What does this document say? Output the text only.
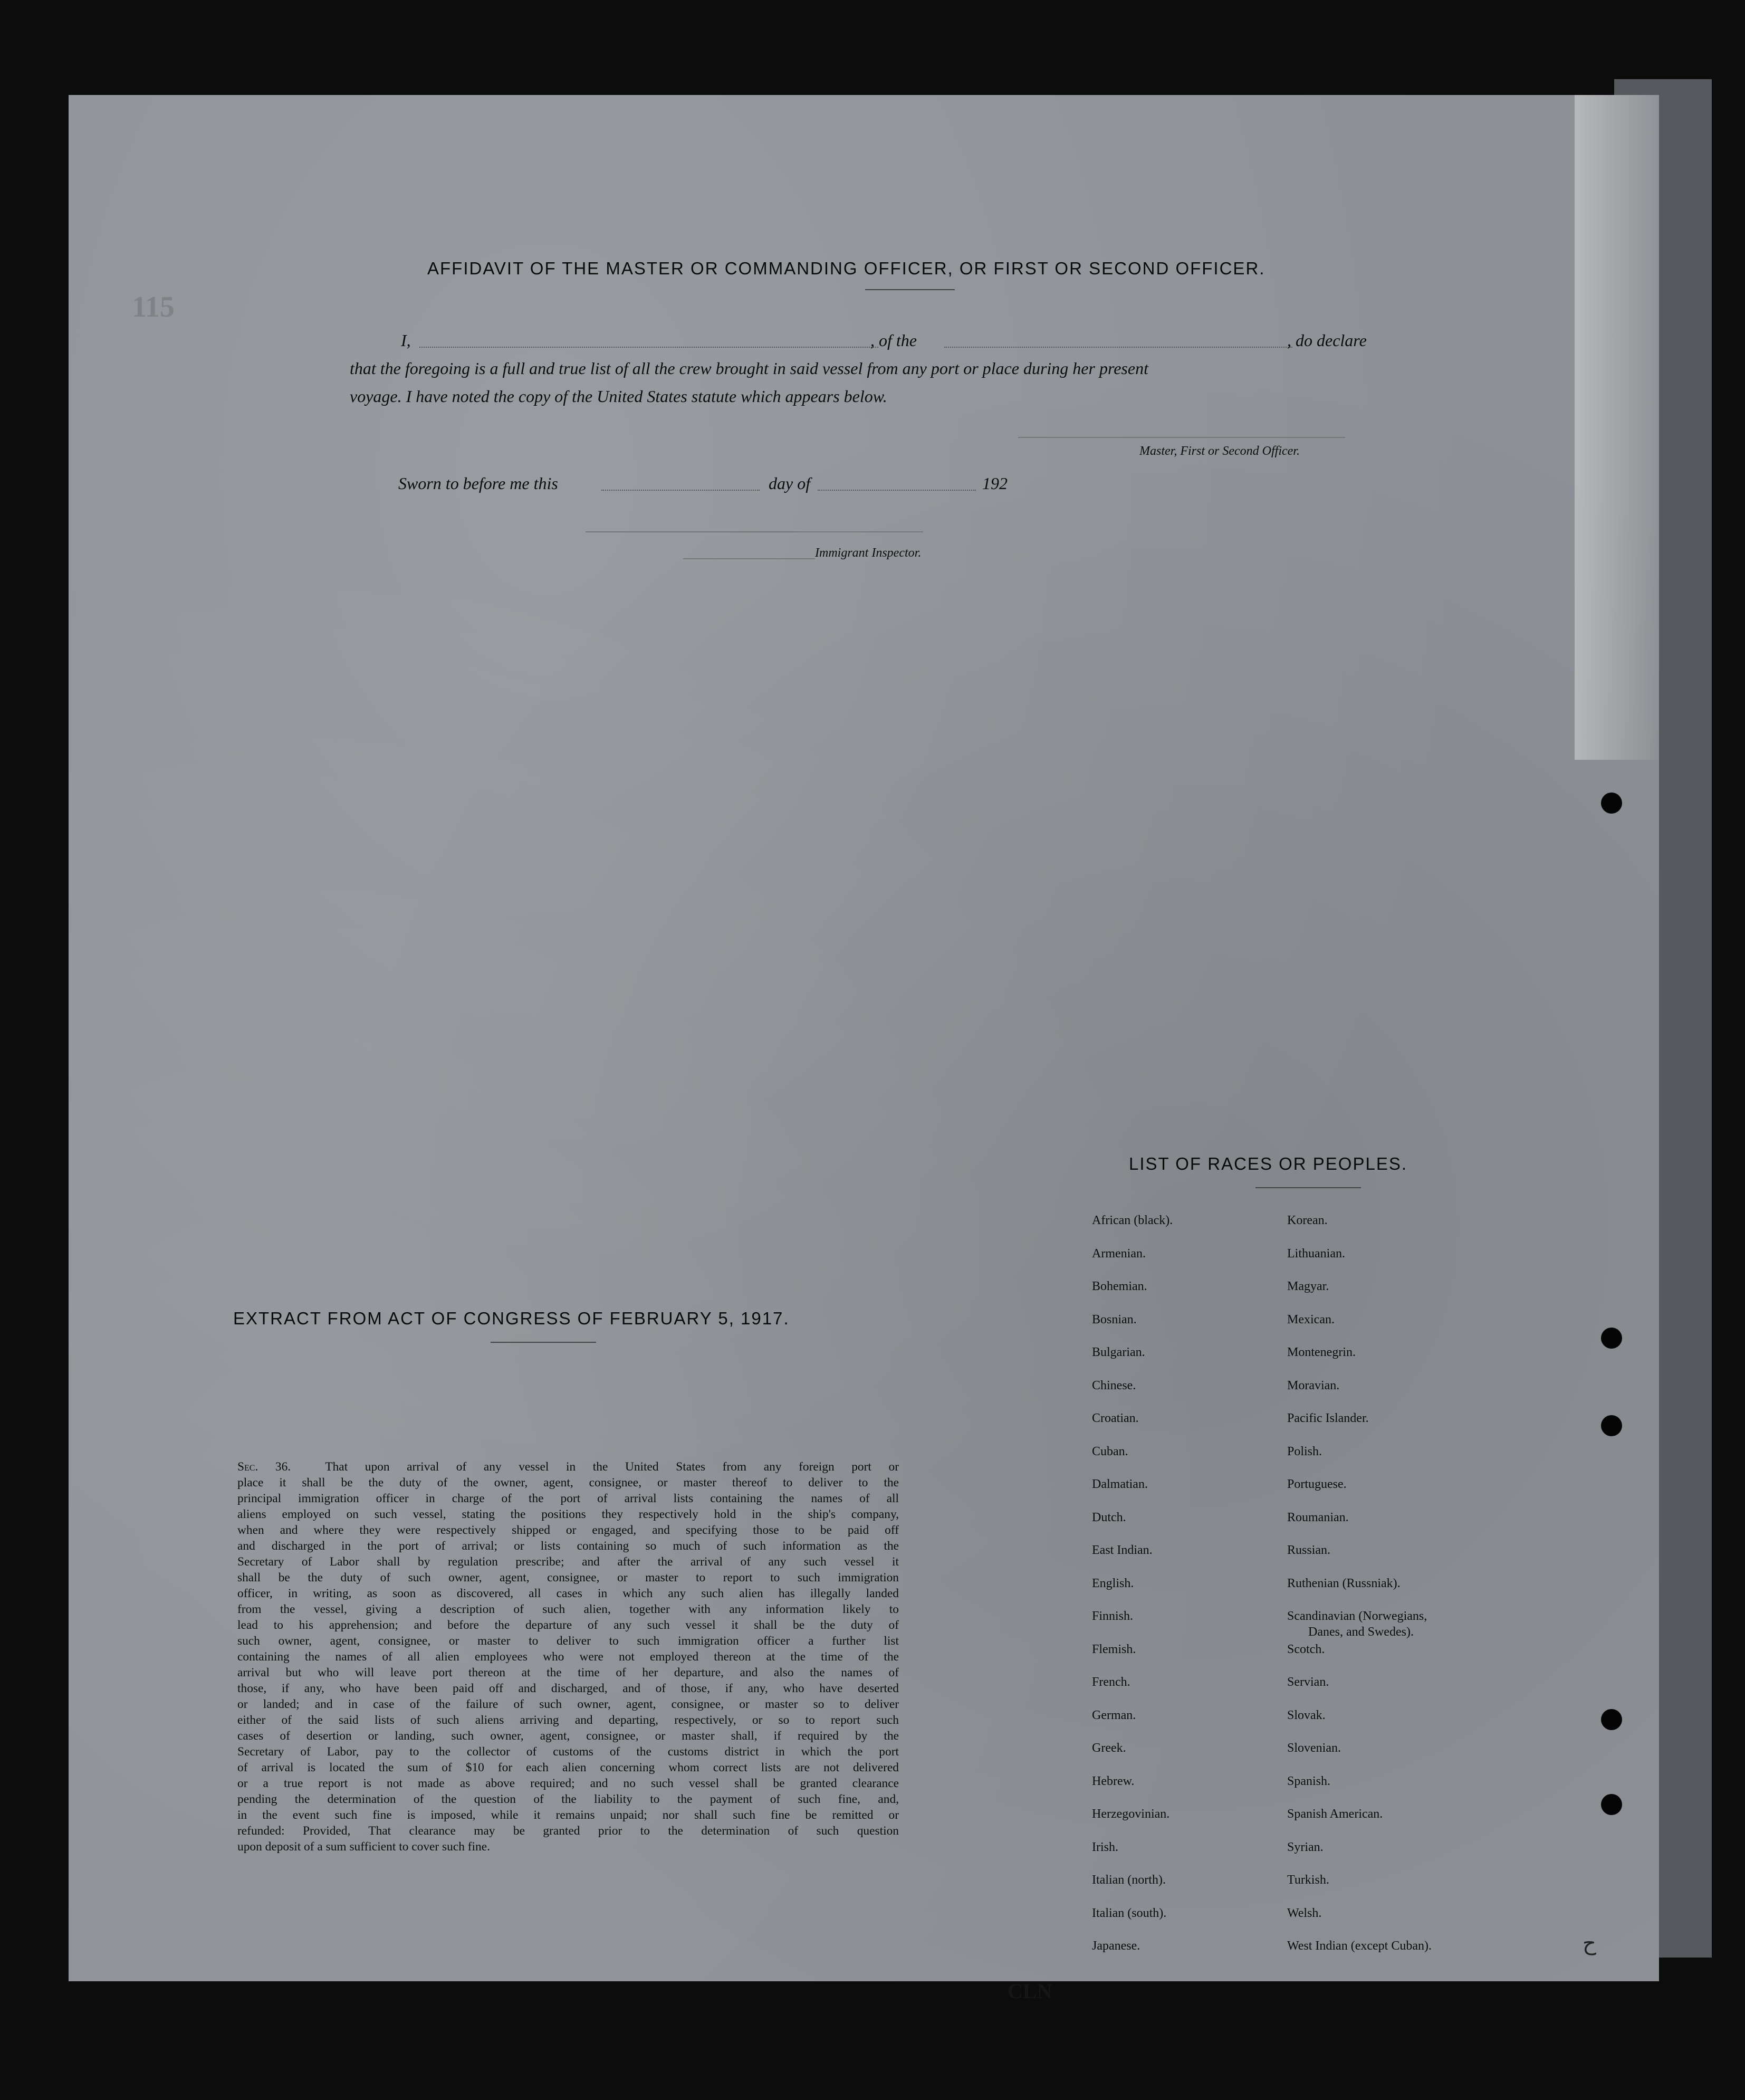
115
CLN
AFFIDAVIT OF THE MASTER OR COMMANDING OFFICER, OR FIRST OR SECOND OFFICER.
I,	, of the	, do declare
that the foregoing is a full and true list of all the crew brought in said vessel from any port or place during her present
voyage. I have noted the copy of the United States statute which appears below.
Master, First or Second Officer.
Sworn to before me this	day of	192
Immigrant Inspector.
EXTRACT FROM ACT OF CONGRESS OF FEBRUARY 5, 1917.
Sec. 36.	That upon arrival of any vessel in the United States from any foreign port or
place it shall be the duty of the owner, agent, consignee, or master thereof to deliver to the
principal immigration officer in charge of the port of arrival lists containing the names of all
aliens employed on such vessel, stating the positions they respectively hold in the ship's company,
when and where they were respectively shipped or engaged, and specifying those to be paid off
and discharged in the port of arrival; or lists containing so much of such information as the
Secretary of Labor shall by regulation prescribe; and after the arrival of any such vessel it
shall be the duty of such owner, agent, consignee, or master to report to such immigration
officer, in writing, as soon as discovered, all cases in which any such alien has illegally landed
from the vessel, giving a description of such alien, together with any information likely to
lead to his apprehension; and before the departure of any such vessel it shall be the duty of
such owner, agent, consignee, or master to deliver to such immigration officer a further list
containing the names of all alien employees who were not employed thereon at the time of the
arrival but who will leave port thereon at the time of her departure, and also the names of
those, if any, who have been paid off and discharged, and of those, if any, who have deserted
or landed; and in case of the failure of such owner, agent, consignee, or master so to deliver
either of the said lists of such aliens arriving and departing, respectively, or so to report such
cases of desertion or landing, such owner, agent, consignee, or master shall, if required by the
Secretary of Labor, pay to the collector of customs of the customs district in which the port
of arrival is located the sum of $10 for each alien concerning whom correct lists are not delivered
or a true report is not made as above required; and no such vessel shall be granted clearance
pending the determination of the question of the liability to the payment of such fine, and,
in the event such fine is imposed, while it remains unpaid; nor shall such fine be remitted or
refunded: Provided, That clearance may be granted prior to the determination of such question
upon deposit of a sum sufficient to cover such fine.
LIST OF RACES OR PEOPLES.
African (black).
Armenian.
Bohemian.
Bosnian.
Bulgarian.
Chinese.
Croatian.
Cuban.
Dalmatian.
Dutch.
East Indian.
English.
Finnish.
Flemish.
French.
German.
Greek.
Hebrew.
Herzegovinian.
Irish.
Italian (north).
Italian (south).
Japanese.
Korean.
Lithuanian.
Magyar.
Mexican.
Montenegrin.
Moravian.
Pacific Islander.
Polish.
Portuguese.
Roumanian.
Russian.
Ruthenian (Russniak).
Scandinavian (Norwegians,
Danes, and Swedes).
Scotch.
Servian.
Slovak.
Slovenian.
Spanish.
Spanish American.
Syrian.
Turkish.
Welsh.
West Indian (except Cuban).	ح
